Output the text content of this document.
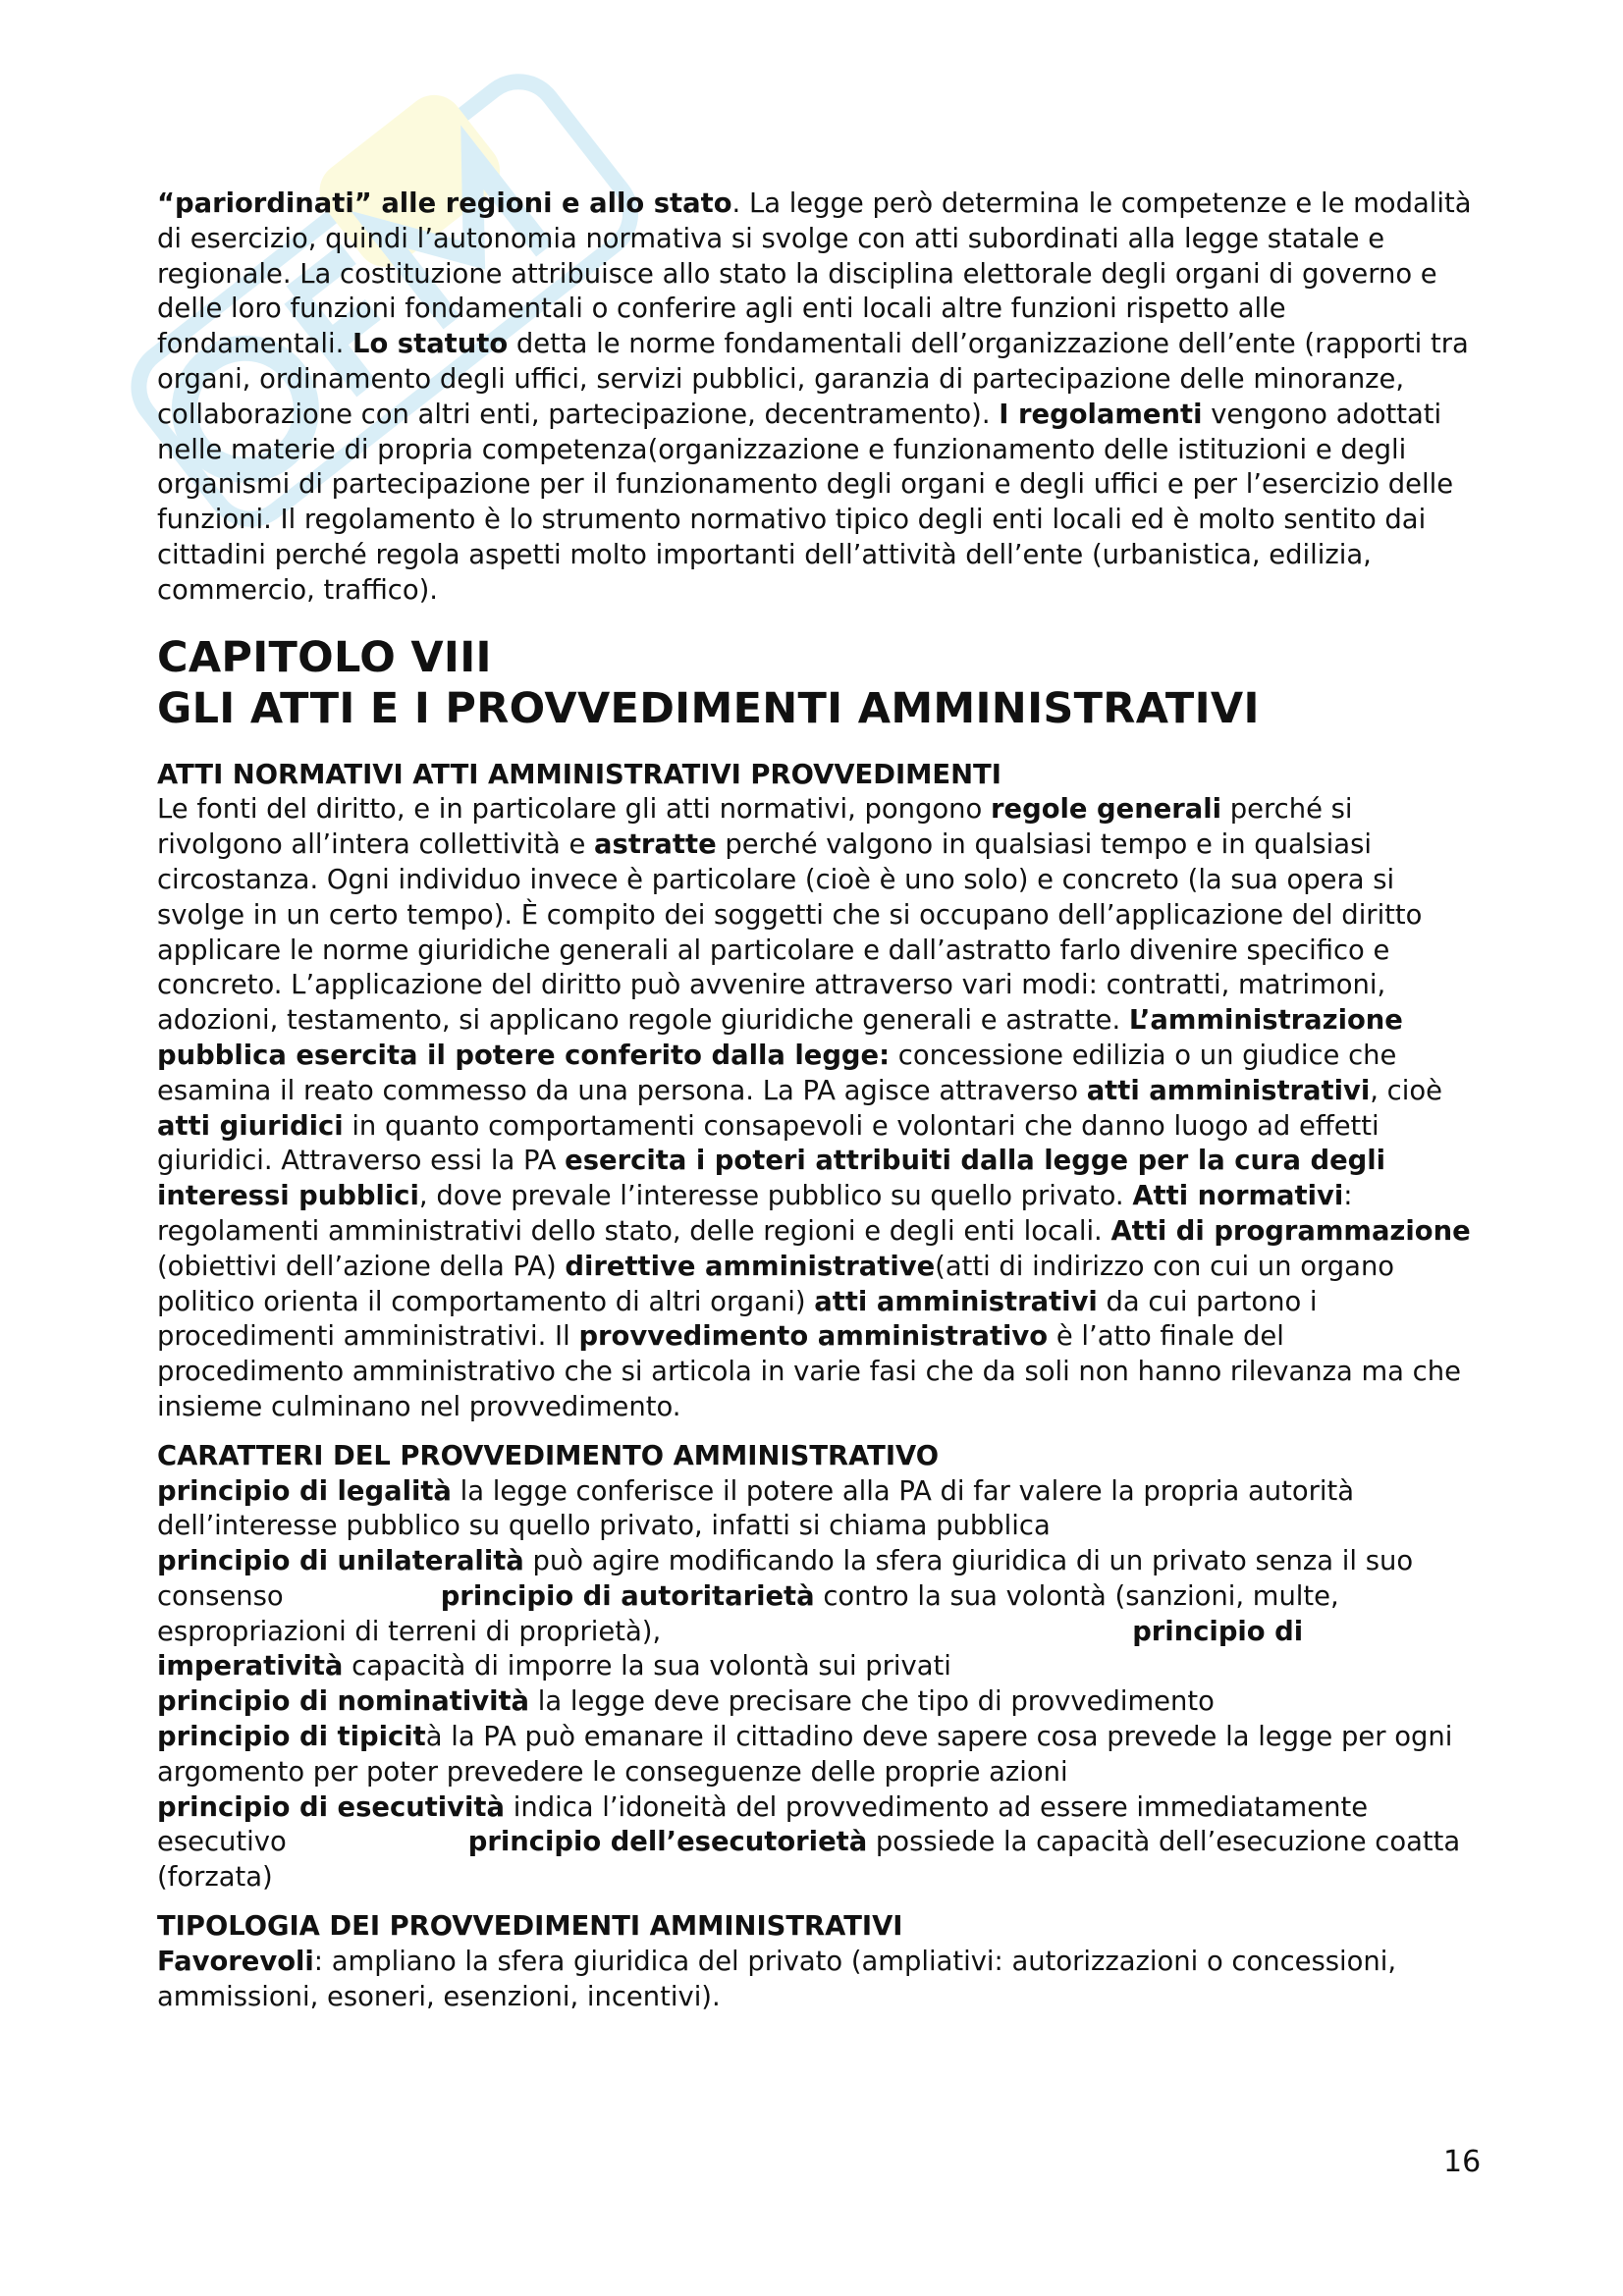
“pariordinati” alle regioni e allo stato. La legge però determina le competenze e le modalità di esercizio, quindi l’autonomia normativa si svolge con atti subordinati alla legge statale e regionale. La costituzione attribuisce allo stato la disciplina elettorale degli organi di governo e delle loro funzioni fondamentali o conferire agli enti locali altre funzioni rispetto alle fondamentali. Lo statuto detta le norme fondamentali dell’organizzazione dell’ente (rapporti tra organi, ordinamento degli uffici, servizi pubblici, garanzia di partecipazione delle minoranze, collaborazione con altri enti, partecipazione, decentramento). I regolamenti vengono adottati nelle materie di propria competenza(organizzazione e funzionamento delle istituzioni e degli organismi di partecipazione per il funzionamento degli organi e degli uffici e per l’esercizio delle funzioni. Il regolamento è lo strumento normativo tipico degli enti locali ed è molto sentito dai cittadini perché regola aspetti molto importanti dell’attività dell’ente (urbanistica, edilizia, commercio, traffico).

CAPITOLO VIII
GLI ATTI E I PROVVEDIMENTI AMMINISTRATIVI
ATTI NORMATIVI ATTI AMMINISTRATIVI PROVVEDIMENTI

Le fonti del diritto, e in particolare gli atti normativi, pongono regole generali perché si rivolgono all’intera collettività e astratte perché valgono in qualsiasi tempo e in qualsiasi circostanza. Ogni individuo invece è particolare (cioè è uno solo) e concreto (la sua opera si svolge in un certo tempo). È compito dei soggetti che si occupano dell’applicazione del diritto applicare le norme giuridiche generali al particolare e dall’astratto farlo divenire specifico e concreto. L’applicazione del diritto può avvenire attraverso vari modi: contratti, matrimoni, adozioni, testamento, si applicano regole giuridiche generali e astratte. L’amministrazione pubblica esercita il potere conferito dalla legge: concessione edilizia o un giudice che esamina il reato commesso da una persona. La PA agisce attraverso atti amministrativi, cioè atti giuridici in quanto comportamenti consapevoli e volontari che danno luogo ad effetti giuridici. Attraverso essi la PA esercita i poteri attribuiti dalla legge per la cura degli interessi pubblici, dove prevale l’interesse pubblico su quello privato. Atti normativi: regolamenti amministrativi dello stato, delle regioni e degli enti locali. Atti di programmazione (obiettivi dell’azione della PA) direttive amministrative(atti di indirizzo con cui un organo politico orienta il comportamento di altri organi) atti amministrativi da cui partono i procedimenti amministrativi. Il provvedimento amministrativo è l’atto finale del procedimento amministrativo che si articola in varie fasi che da soli non hanno rilevanza ma che insieme culminano nel provvedimento.

CARATTERI DEL PROVVEDIMENTO AMMINISTRATIVO

principio di legalità la legge conferisce il potere alla PA di far valere la propria autorità dell’interesse pubblico su quello privato, infatti si chiama pubblica
principio di unilateralità può agire modificando la sfera giuridica di un privato senza il suo consenso	principio di autoritarietà contro la sua volontà (sanzioni, multe, espropriazioni di terreni di proprietà),	principio di imperatività capacità di imporre la sua volontà sui privati
principio di nominatività la legge deve precisare che tipo di provvedimento
principio di tipicità la PA può emanare il cittadino deve sapere cosa prevede la legge per ogni argomento per poter prevedere le conseguenze delle proprie azioni
principio di esecutività indica l’idoneità del provvedimento ad essere immediatamente esecutivo	principio dell’esecutorietà possiede la capacità dell’esecuzione coatta (forzata)

TIPOLOGIA DEI PROVVEDIMENTI AMMINISTRATIVI

Favorevoli: ampliano la sfera giuridica del privato (ampliativi: autorizzazioni o concessioni, ammissioni, esoneri, esenzioni, incentivi).

16
